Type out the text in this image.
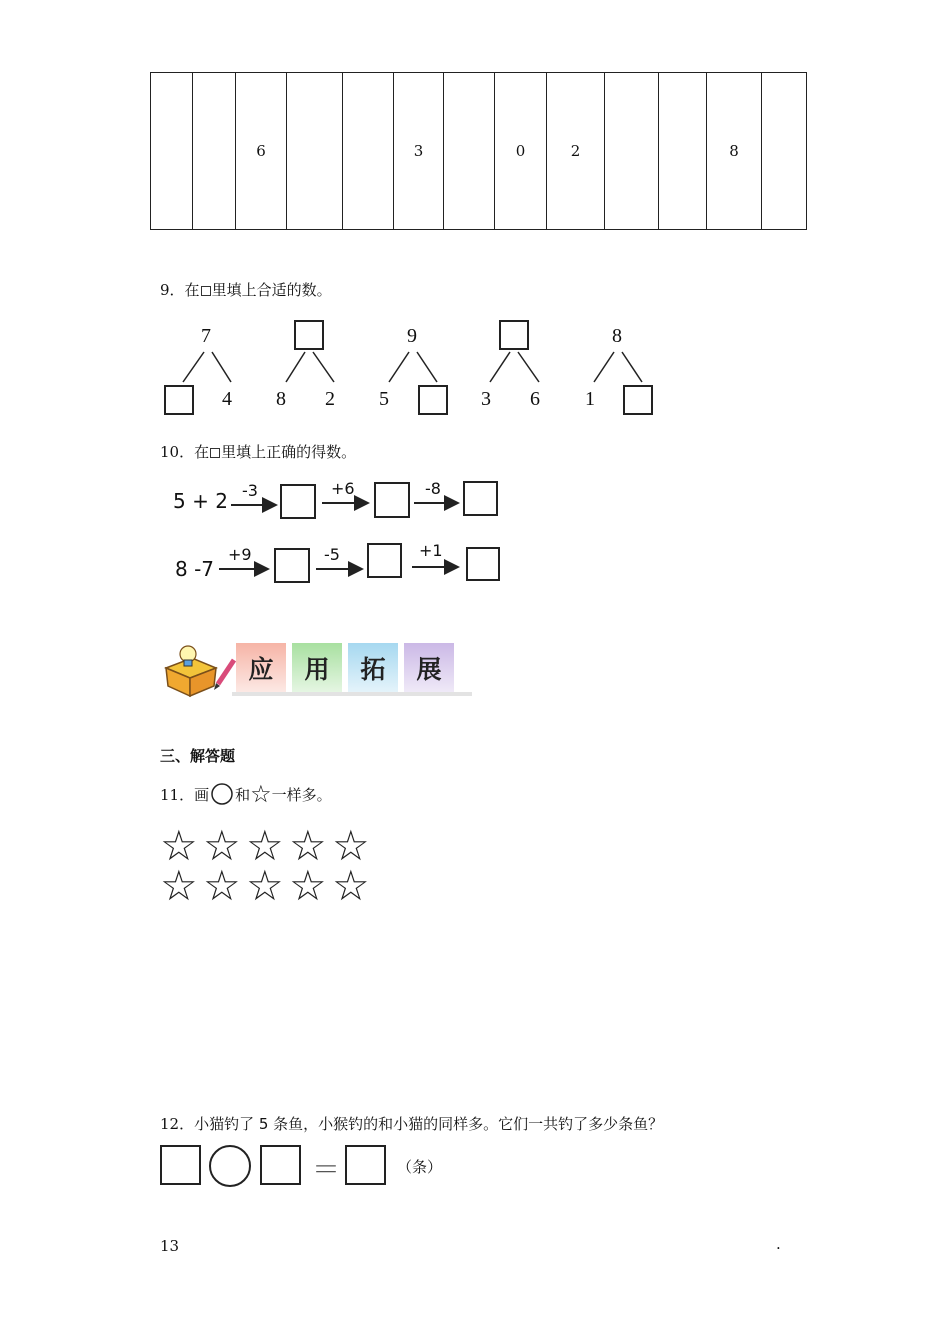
		6			3		0	2			8	
9．在 里填上合适的数。
7
4 8 2
9
5	3 6
8
1
10．在 里填上正确的得数。
5 + 2 -3	+6	-8
8 -7
+9	-5	+1
应	用	拓	展
三、解答题
11． 画 和 ☆ 一样多。
☆ ☆ ☆ ☆ ☆
☆ ☆ ☆ ☆ ☆
12．小猫钓了 5 条鱼，小猴钓的和小猫的同样多。它们一共钓了多少条鱼？
＝	（条）
13	.
